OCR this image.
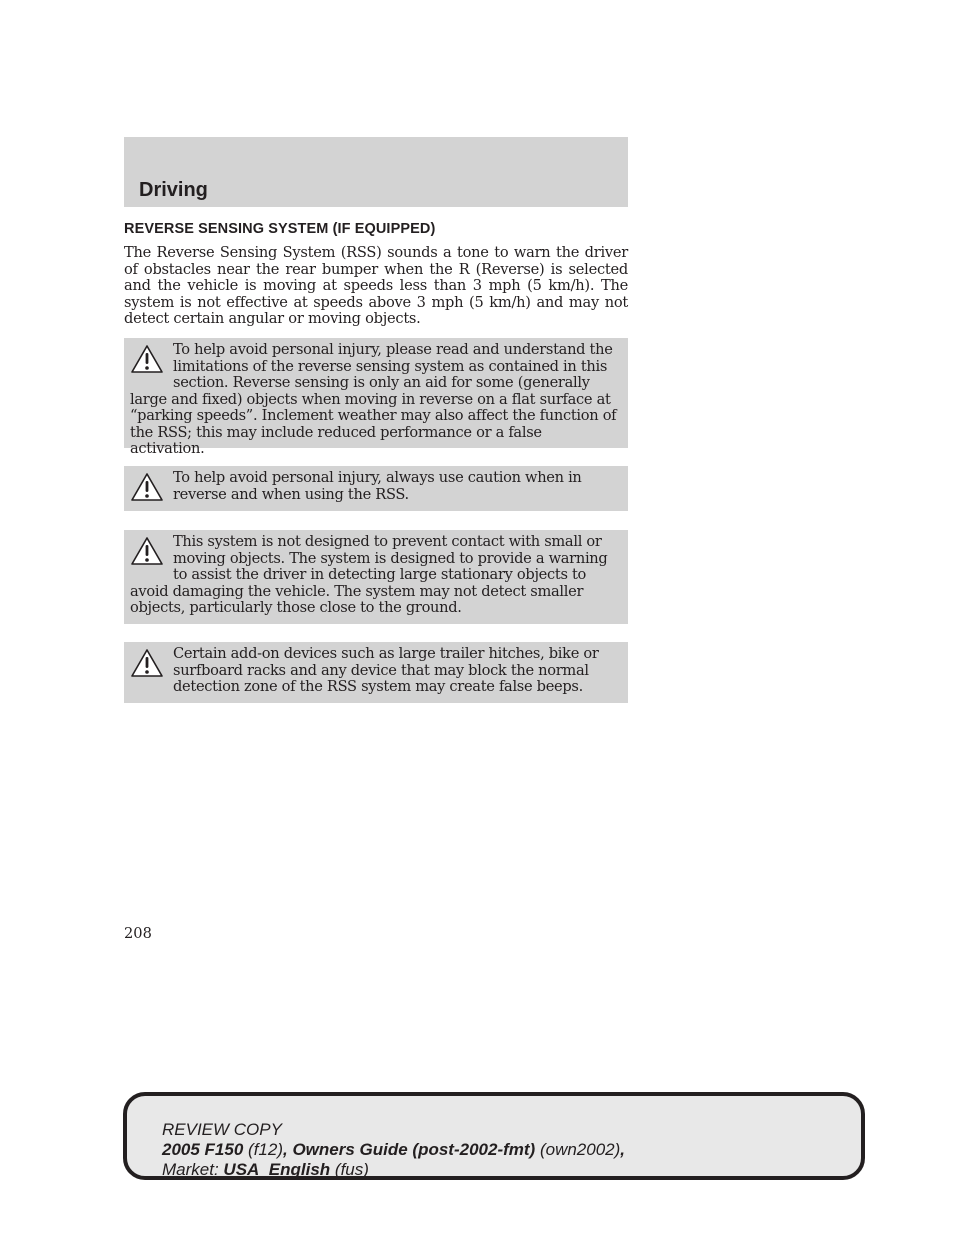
Driving
REVERSE SENSING SYSTEM (IF EQUIPPED)

The Reverse Sensing System (RSS) sounds a tone to warn the driver of obstacles near the rear bumper when the R (Reverse) is selected and the vehicle is moving at speeds less than 3 mph (5 km/h). The system is not effective at speeds above 3 mph (5 km/h) and may not detect certain angular or moving objects.

To help avoid personal injury, please read and understand the limitations of the reverse sensing system as contained in this section. Reverse sensing is only an aid for some (generally large and fixed) objects when moving in reverse on a flat surface at “parking speeds”. Inclement weather may also affect the function of the RSS; this may include reduced performance or a false activation.

To help avoid personal injury, always use caution when in reverse and when using the RSS.

This system is not designed to prevent contact with small or moving objects. The system is designed to provide a warning to assist the driver in detecting large stationary objects to avoid damaging the vehicle. The system may not detect smaller objects, particularly those close to the ground.

Certain add-on devices such as large trailer hitches, bike or surfboard racks and any device that may block the normal detection zone of the RSS system may create false beeps.

208
REVIEW COPY
2005 F150 (f12), Owners Guide (post-2002-fmt) (own2002),
Market: USA_English (fus)
